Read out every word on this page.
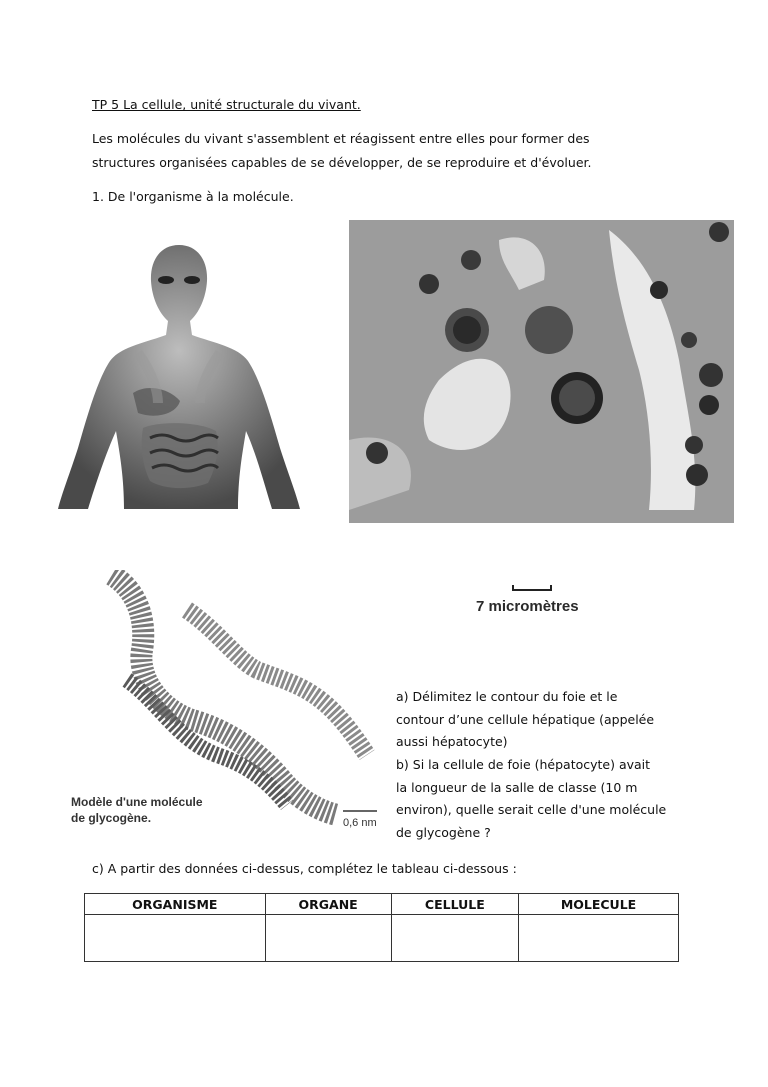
TP 5 La cellule, unité structurale du vivant.
Les molécules du vivant s'assemblent et réagissent entre elles pour former des
structures organisées capables de se développer, de se reproduire et d'évoluer.
1. De l'organisme à la molécule.
Modèle d'une molécule
de glycogène.	0,6 nm
7 micromètres
a) Délimitez le contour du foie et le
contour d’une cellule hépatique (appelée
aussi hépatocyte)
b) Si la cellule de foie (hépatocyte) avait
la longueur de la salle de classe (10 m
environ), quelle serait celle d'une molécule
de glycogène ?
c) A partir des données ci-dessus, complétez le tableau ci-dessous :
ORGANISME	ORGANE	CELLULE	MOLECULE
